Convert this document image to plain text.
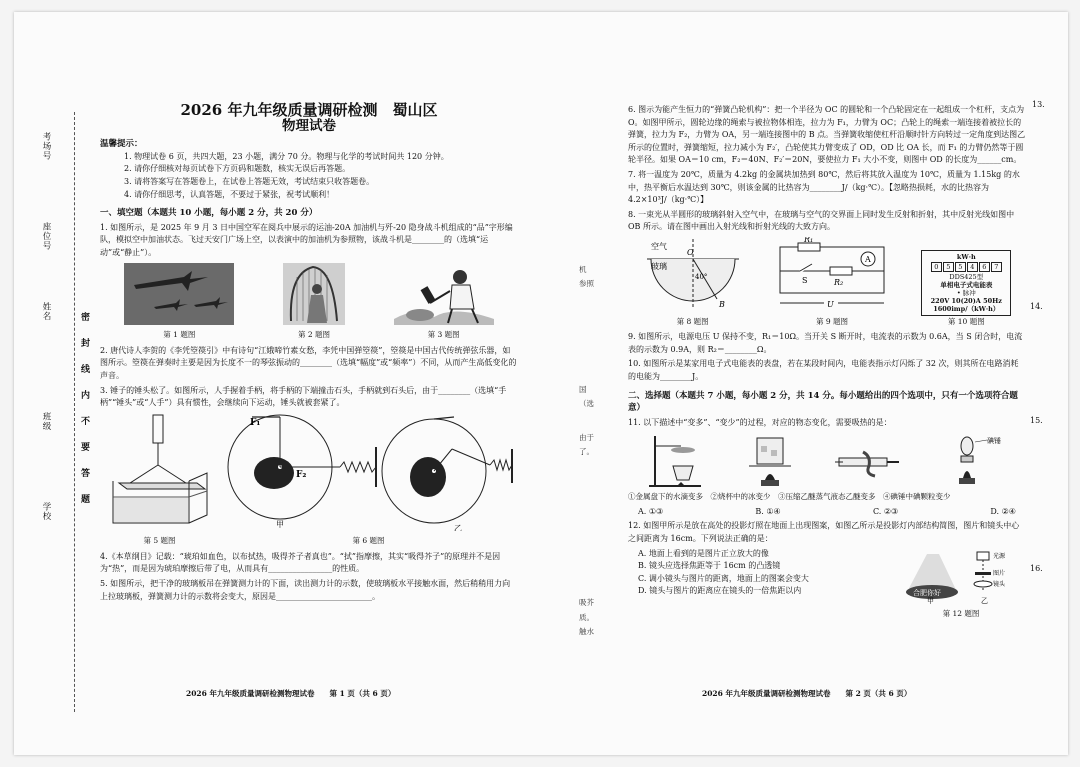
学校
班级
姓名
座位号
考场号
密　封　线　内　不　要　答　题
2026 年九年级质量调研检测　蜀山区
物理试卷
温馨提示：
1. 物理试卷 6 页，共四大题，23 小题，满分 70 分。物理与化学的考试时间共 120 分钟。
2. 请你仔细核对每页试卷下方页码和题数，核实无误后再答题。
3. 请将答案写在答题卷上，在试卷上答题无效，考试结束只收答题卷。
4. 请你仔细思考，认真答题，不要过于紧张，祝考试顺利！
一、填空题（本题共 10 小题，每小题 2 分，共 20 分）
1. 如图所示，是 2025 年 9 月 3 日中国空军在阅兵中展示的运油-20A 加油机与歼-20 隐身战斗机组成的“品”字形编队，模拟空中加油状态。飞过天安门广场上空，以表演中的加油机为参照物，该战斗机是________的（选填“运动”或“静止”）。
第 1 题图	第 2 题图	第 3 题图
2. 唐代诗人李贺的《李凭箜篌引》中有诗句“江娥啼竹素女愁，李凭中国弹箜篌”，箜篌是中国古代传统弹弦乐器，如图所示。箜篌在弹奏时主要是因为长度不一的琴弦振动的________（选填“幅度”或“频率”）不同，从而产生高低变化的声音。
3. 锤子的锤头松了。如图所示，人手握着手柄，将手柄的下端撞击石头，手柄就到石头后，由于________（选填“手柄”“锤头”或“人手”）具有惯性，会继续向下运动，锤头就被套紧了。
第 5 题图
F₁
F₂
甲	乙
第 6 题图
4.《本草纲目》记载：“琥珀如血色，以布拭热，吸得芥子者真也”。“拭”指摩擦，其实“吸得芥子”的原理并不是因为“热”，而是因为琥珀摩擦后带了电，从而具有________________的性质。
5. 如图所示，把干净的玻璃板吊在弹簧测力计的下面，读出测力计的示数，使玻璃板水平接触水面，然后稍稍用力向上拉玻璃板，弹簧测力计的示数将会变大，原因是________________________。
机
参照
国
（选
由于
了。
吸芥
质。
触水
6. 图示为能产生恒力的“弹簧凸轮机构”：把一个半径为 OC 的圆轮和一个凸轮固定在一起组成一个杠杆，支点为 O。如图甲所示，圆轮边缘的绳索与被拉物体相连，拉力为 F₁，力臂为 OC；凸轮上的绳索一端连接着被拉长的弹簧，拉力为 F₂，力臂为 OA，另一端连接图中的 B 点。当弹簧收缩使杠杆沿顺时针方向转过一定角度到达图乙所示的位置时，弹簧缩短，拉力减小为 F₂′，凸轮使其力臂变成了 OD，OD 比 OA 长，而 F₁ 的力臂仍然等于圆轮半径。如果 OA＝10 cm，F₂＝40N、F₂′＝20N，要使拉力 F₁ 大小不变，则图中 OD 的长度为______cm。
7. 将一温度为 20℃，质量为 4.2kg 的金属块加热到 80℃，然后将其放入温度为 10℃，质量为 1.15kg 的水中，热平衡后水温达到 30℃，则该金属的比热容为________J/（kg·℃）。【忽略热损耗，水的比热容为 4.2×10³J/（kg·℃）】
8. 一束光从半圆形的玻璃斜射入空气中，在玻璃与空气的交界面上同时发生反射和折射，其中反射光线如图中 OB 所示。请在图中画出入射光线和折射光线的大致方向。
空气
玻璃
O
B
40°
第 8 题图
R₁
R₂
S
A
U
第 9 题图
kW·h
0	5	5	4	6	7
DDS425型
单相电子式电能表
• 脉冲
220V 10(20)A 50Hz
1600imp/（kW·h）
第 10 题图
9. 如图所示，电源电压 U 保持不变，R₁＝10Ω。当开关 S 断开时，电流表的示数为 0.6A，当 S 闭合时，电流表的示数为 0.9A，则 R₂＝________Ω。
10. 如图所示是某家用电子式电能表的表盘，若在某段时间内，电能表指示灯闪烁了 32 次，则其所在电路消耗的电能为________J。
二、选择题（本题共 7 小题，每小题 2 分，共 14 分。每小题给出的四个选项中，只有一个选项符合题意）
11. 以下描述中“变多”、“变少”的过程，对应的物态变化，需要吸热的是：
碘锤
①金属盘下的水滴变多　②烧杯中的冰变少　③压缩乙醚蒸气液态乙醚变多　④碘锤中碘颗粒变少
A. ①③	B. ①④	C. ②③	D. ②④
12. 如图甲所示是放在高处的投影灯照在地面上出现图案，如图乙所示是投影灯内部结构简图，图片和镜头中心之间距离为 16cm。下列说法正确的是：
A. 地面上看到的是图片正立放大的像
B. 镜头应选择焦距等于 16cm 的凸透镜
C. 调小镜头与图片的距离，地面上的图案会变大
D. 镜头与图片的距离应在镜头的一倍焦距以内	合肥你好
光源
图片
镜头
甲	乙
第 12 题图
2026 年九年级质量调研检测物理试卷　　第 1 页（共 6 页）	2026 年九年级质量调研检测物理试卷　　第 2 页（共 6 页）
13.
14.
15.
16.
